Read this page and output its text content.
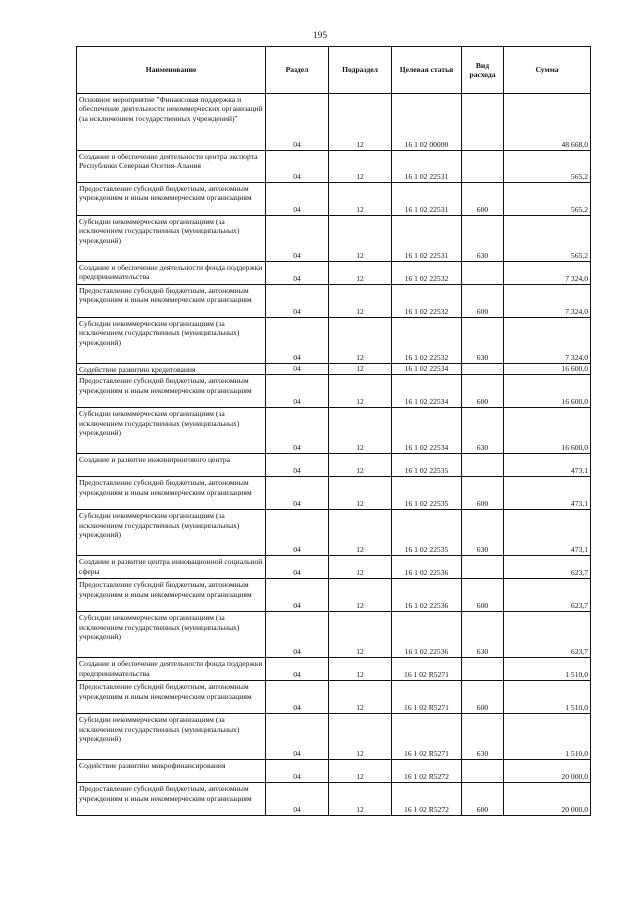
195
Наименование	Раздел	Подраздел	Целевая статья	Вид расхода	Сумма
Основное мероприятие "Финансовая поддержка и обеспечение деятельности некоммерческих организаций (за исключением государственных учреждений)"	04	12	16 1 02 00000		48 668,0
Создание и обеспечение деятельности центра экспорта Республики Северная Осетия-Алания	04	12	16 1 02 22531		565,2
Предоставление субсидий бюджетным, автономным учреждениям и иным некоммерческим организациям	04	12	16 1 02 22531	600	565,2
Субсидии некоммерческим организациям (за исключением государственных (муниципальных) учреждений)	04	12	16 1 02 22531	630	565,2
Создание и обеспечение деятельности фонда поддержки предпринимательства	04	12	16 1 02 22532		7 324,0
Предоставление субсидий бюджетным, автономным учреждениям и иным некоммерческим организациям	04	12	16 1 02 22532	600	7 324,0
Субсидии некоммерческим организациям (за исключением государственных (муниципальных) учреждений)	04	12	16 1 02 22532	630	7 324,0
Содействие развитию кредитования	04	12	16 1 02 22534		16 600,0
Предоставление субсидий бюджетным, автономным учреждениям и иным некоммерческим организациям	04	12	16 1 02 22534	600	16 600,0
Субсидии некоммерческим организациям (за исключением государственных (муниципальных) учреждений)	04	12	16 1 02 22534	630	16 600,0
Создание и развитие инжинирингового центра	04	12	16 1 02 22535		473,1
Предоставление субсидий бюджетным, автономным учреждениям и иным некоммерческим организациям	04	12	16 1 02 22535	600	473,1
Субсидии некоммерческим организациям (за исключением государственных (муниципальных) учреждений)	04	12	16 1 02 22535	630	473,1
Создание и развитие центра инновационной социальной сферы	04	12	16 1 02 22536		623,7
Предоставление субсидий бюджетным, автономным учреждениям и иным некоммерческим организациям	04	12	16 1 02 22536	600	623,7
Субсидии некоммерческим организациям (за исключением государственных (муниципальных) учреждений)	04	12	16 1 02 22536	630	623,7
Создание и обеспечение деятельности фонда поддержки предпринимательства	04	12	16 1 02 R5271		1 510,0
Предоставление субсидий бюджетным, автономным учреждениям и иным некоммерческим организациям	04	12	16 1 02 R5271	600	1 510,0
Субсидии некоммерческим организациям (за исключением государственных (муниципальных) учреждений)	04	12	16 1 02 R5271	630	1 510,0
Содействие развитию микрофинансирования	04	12	16 1 02 R5272		20 000,0
Предоставление субсидий бюджетным, автономным учреждениям и иным некоммерческим организациям	04	12	16 1 02 R5272	600	20 000,0
